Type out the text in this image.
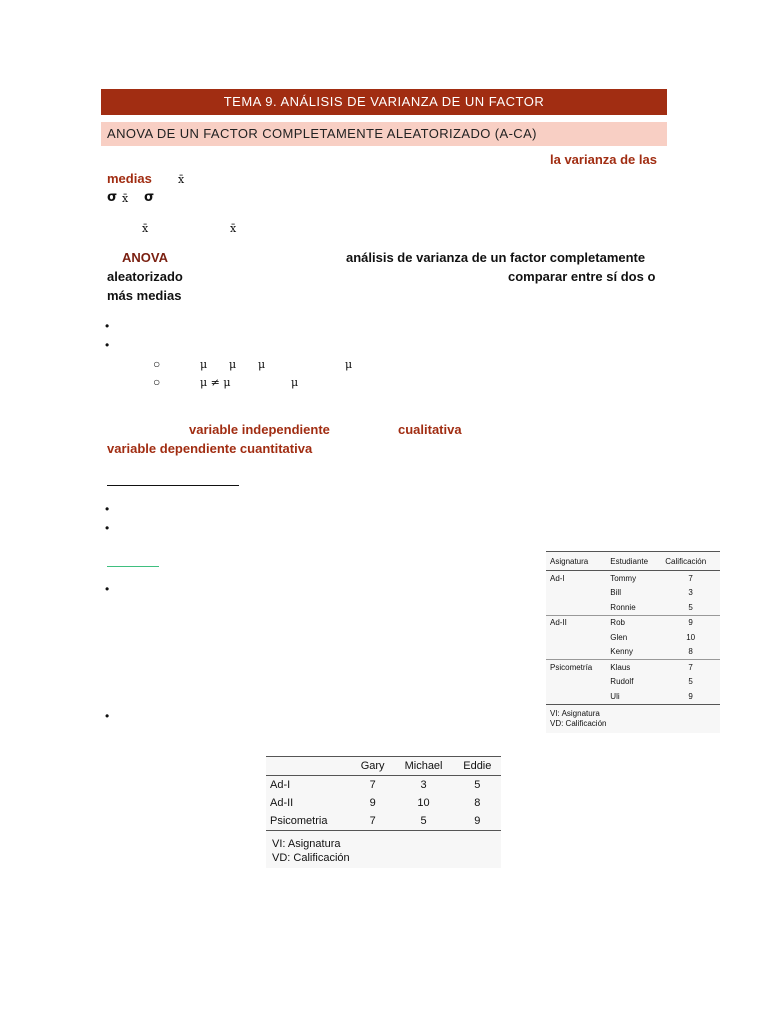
TEMA 9. ANÁLISIS DE VARIANZA DE UN FACTOR
ANOVA DE UN FACTOR COMPLETAMENTE ALEATORIZADO (A-CA)
la varianza de las
medias x̄
σ x̄ σ
x̄	x̄
ANOVA	análisis de varianza de un factor completamente
aleatorizado	comparar entre sí dos o
más medias
•
•
○	μ μ μ	μ
○	μ ≠ μ	μ
variable independiente	cualitativa
variable dependiente cuantitativa
•
•
•
•
Asignatura	Estudiante	Calificación
Ad-I	Tommy	7
	Bill	3
	Ronnie	5
Ad-II	Rob	9
	Glen	10
	Kenny	8
Psicometría	Klaus	7
	Rudolf	5
	Uli	9
VI: Asignatura
VD: Calificación
	Gary	Michael	Eddie
Ad-I	7	3	5
Ad-II	9	10	8
Psicometria	7	5	9
VI: Asignatura
VD: Calificación
